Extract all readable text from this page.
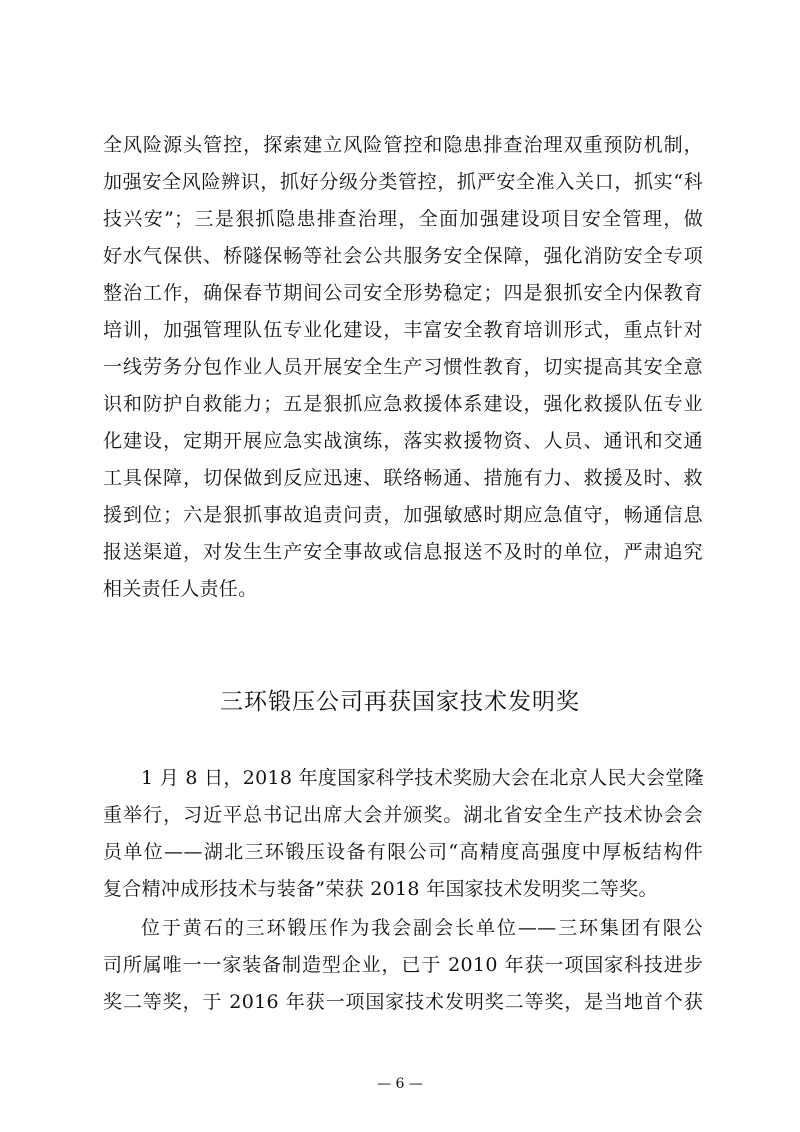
全风险源头管控，探索建立风险管控和隐患排查治理双重预防机制，
加强安全风险辨识，抓好分级分类管控，抓严安全准入关口，抓实“科
技兴安”；三是狠抓隐患排查治理，全面加强建设项目安全管理，做
好水气保供、桥隧保畅等社会公共服务安全保障，强化消防安全专项
整治工作，确保春节期间公司安全形势稳定；四是狠抓安全内保教育
培训，加强管理队伍专业化建设，丰富安全教育培训形式，重点针对
一线劳务分包作业人员开展安全生产习惯性教育，切实提高其安全意
识和防护自救能力；五是狠抓应急救援体系建设，强化救援队伍专业
化建设，定期开展应急实战演练，落实救援物资、人员、通讯和交通
工具保障，切保做到反应迅速、联络畅通、措施有力、救援及时、救
援到位；六是狠抓事故追责问责，加强敏感时期应急值守，畅通信息
报送渠道，对发生生产安全事故或信息报送不及时的单位，严肃追究
相关责任人责任。
三环锻压公司再获国家技术发明奖
1 月 8 日，2018 年度国家科学技术奖励大会在北京人民大会堂隆
重举行，习近平总书记出席大会并颁奖。湖北省安全生产技术协会会
员单位——湖北三环锻压设备有限公司“高精度高强度中厚板结构件
复合精冲成形技术与装备”荣获 2018 年国家技术发明奖二等奖。
位于黄石的三环锻压作为我会副会长单位——三环集团有限公
司所属唯一一家装备制造型企业，已于 2010 年获一项国家科技进步
奖二等奖，于 2016 年获一项国家技术发明奖二等奖，是当地首个获
— 6 —
